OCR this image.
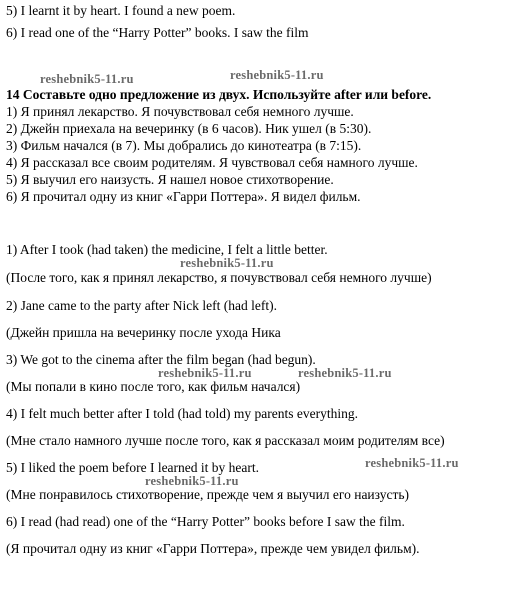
5) I learnt it by heart. I found a new poem.
6) I read one of the “Harry Potter” books. I saw the film
14 Составьте одно предложение из двух. Используйте after или before.
1) Я принял лекарство. Я почувствовал себя немного лучше.
2) Джейн приехала на вечеринку (в 6 часов). Ник ушел (в 5:30).
3) Фильм начался (в 7). Мы добрались до кинотеатра (в 7:15).
4) Я рассказал все своим родителям. Я чувствовал себя намного лучше.
5) Я выучил его наизусть. Я нашел новое стихотворение.
6) Я прочитал одну из книг «Гарри Поттера». Я видел фильм.
1) After I took (had taken) the medicine, I felt a little better.
(После того, как я принял лекарство, я почувствовал себя немного лучше)
2) Jane came to the party after Nick left (had left).
(Джейн пришла на вечеринку после ухода Ника
3) We got to the cinema after the film began (had begun).
(Мы попали в кино после того, как фильм начался)
4) I felt much better after I told (had told) my parents everything.
(Мне стало намного лучше после того, как я рассказал моим родителям все)
5) I liked the poem before I learned it by heart.
(Мне понравилось стихотворение, прежде чем я выучил его наизусть)
6) I read (had read) one of the “Harry Potter” books before I saw the film.
(Я прочитал одну из книг «Гарри Поттера», прежде чем увидел фильм).
reshebnik5-11.ru	reshebnik5-11.ru
reshebnik5-11.ru
reshebnik5-11.ru	reshebnik5-11.ru
reshebnik5-11.ru
reshebnik5-11.ru
